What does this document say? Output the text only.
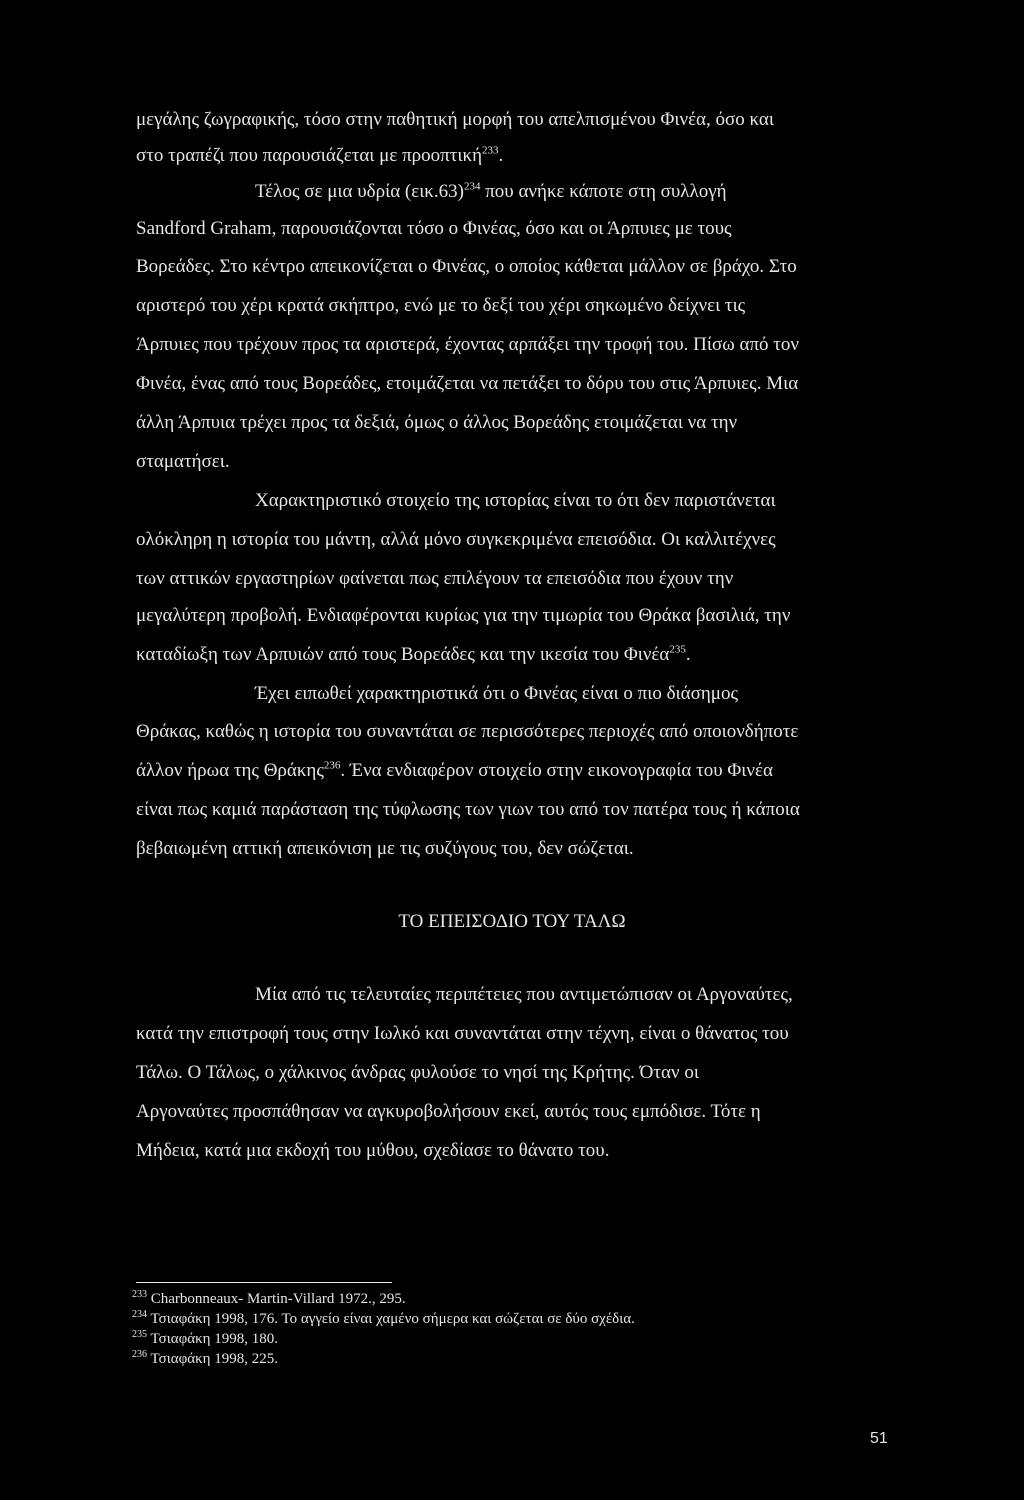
μεγάλης ζωγραφικής, τόσο στην παθητική μορφή του απελπισμένου Φινέα, όσο και
στο τραπέζι που παρουσιάζεται με προοπτική$^{233}$.
Τέλος σε μια υδρία $(\varepsilon\iota\kappa.63)^{234}$ που ανήκε κάποτε στη συλλογή
Sandford Graham, παρουσιάζονται τόσο ο Φινέας, όσο και οι Άρπυιες με τους
Βορεάδες. Στο κέντρο απεικονίζεται ο Φινέας, ο οποίος κάθεται μάλλον σε βράχο. Στο
αριστερό του χέρι κρατά σκήπτρο, ενώ με το δεξί του χέρι σηκωμένο δείχνει τις
Άρπυιες που τρέχουν προς τα αριστερά, έχοντας αρπάξει την τροφή του. Πίσω από τον
Φινέα, ένας από τους Βορεάδες, ετοιμάζεται να πετάξει το δόρυ του στις Άρπυιες. Μια
άλλη Άρπυια τρέχει προς τα δεξιά, όμως ο άλλος Βορεάδης ετοιμάζεται να την
σταματήσει.
Χαρακτηριστικό στοιχείο της ιστορίας είναι το ότι δεν παριστάνεται
ολόκληρη η ιστορία του μάντη, αλλά μόνο συγκεκριμένα επεισόδια. Οι καλλιτέχνες
των αττικών εργαστηρίων φαίνεται πως επιλέγουν τα επεισόδια που έχουν την
μεγαλύτερη προβολή. Ενδιαφέρονται κυρίως για την τιμωρία του Θράκα βασιλιά, την
καταδίωξη των Αρπυιών από τους Βορεάδες και την ικεσία του Φινέα$^{235}$.
Έχει ειπωθεί χαρακτηριστικά ότι ο Φινέας είναι ο πιο διάσημος
Θράκας, καθώς η ιστορία του συναντάται σε περισσότερες περιοχές από οποιονδήποτε
άλλον ήρωα της Θράκης$^{236}$. Ένα ενδιαφέρον στοιχείο στην εικονογραφία του Φινέα
είναι πως καμιά παράσταση της τύφλωσης των γιων του από τον πατέρα τους ή κάποια
βεβαιωμένη αττική απεικόνιση με τις συζύγους του, δεν σώζεται.
ΤΟ ΕΠΕΙΣΟΔΙΟ ΤΟΥ ΤΑΛΩ
Μία από τις τελευταίες περιπέτειες που αντιμετώπισαν οι Αργοναύτες,
κατά την επιστροφή τους στην Ιωλκό και συναντάται στην τέχνη, είναι ο θάνατος του
Τάλω. Ο Τάλως, ο χάλκινος άνδρας φυλούσε το νησί της Κρήτης. Όταν οι
Αργοναύτες προσπάθησαν να αγκυροβολήσουν εκεί, αυτός τους εμπόδισε. Τότε η
Μήδεια, κατά μια εκδοχή του μύθου, σχεδίασε το θάνατο του.
$^{233}$ Charbonneaux- Martin-Villard 1972., 295.
$^{234}$ Τσιαφάκη 1998, 176. Το αγγείο είναι χαμένο σήμερα και σώζεται σε δύο σχέδια.
$^{235}$ Τσιαφάκη 1998, 180.
$^{236}$ Τσιαφάκη 1998, 225.
51
